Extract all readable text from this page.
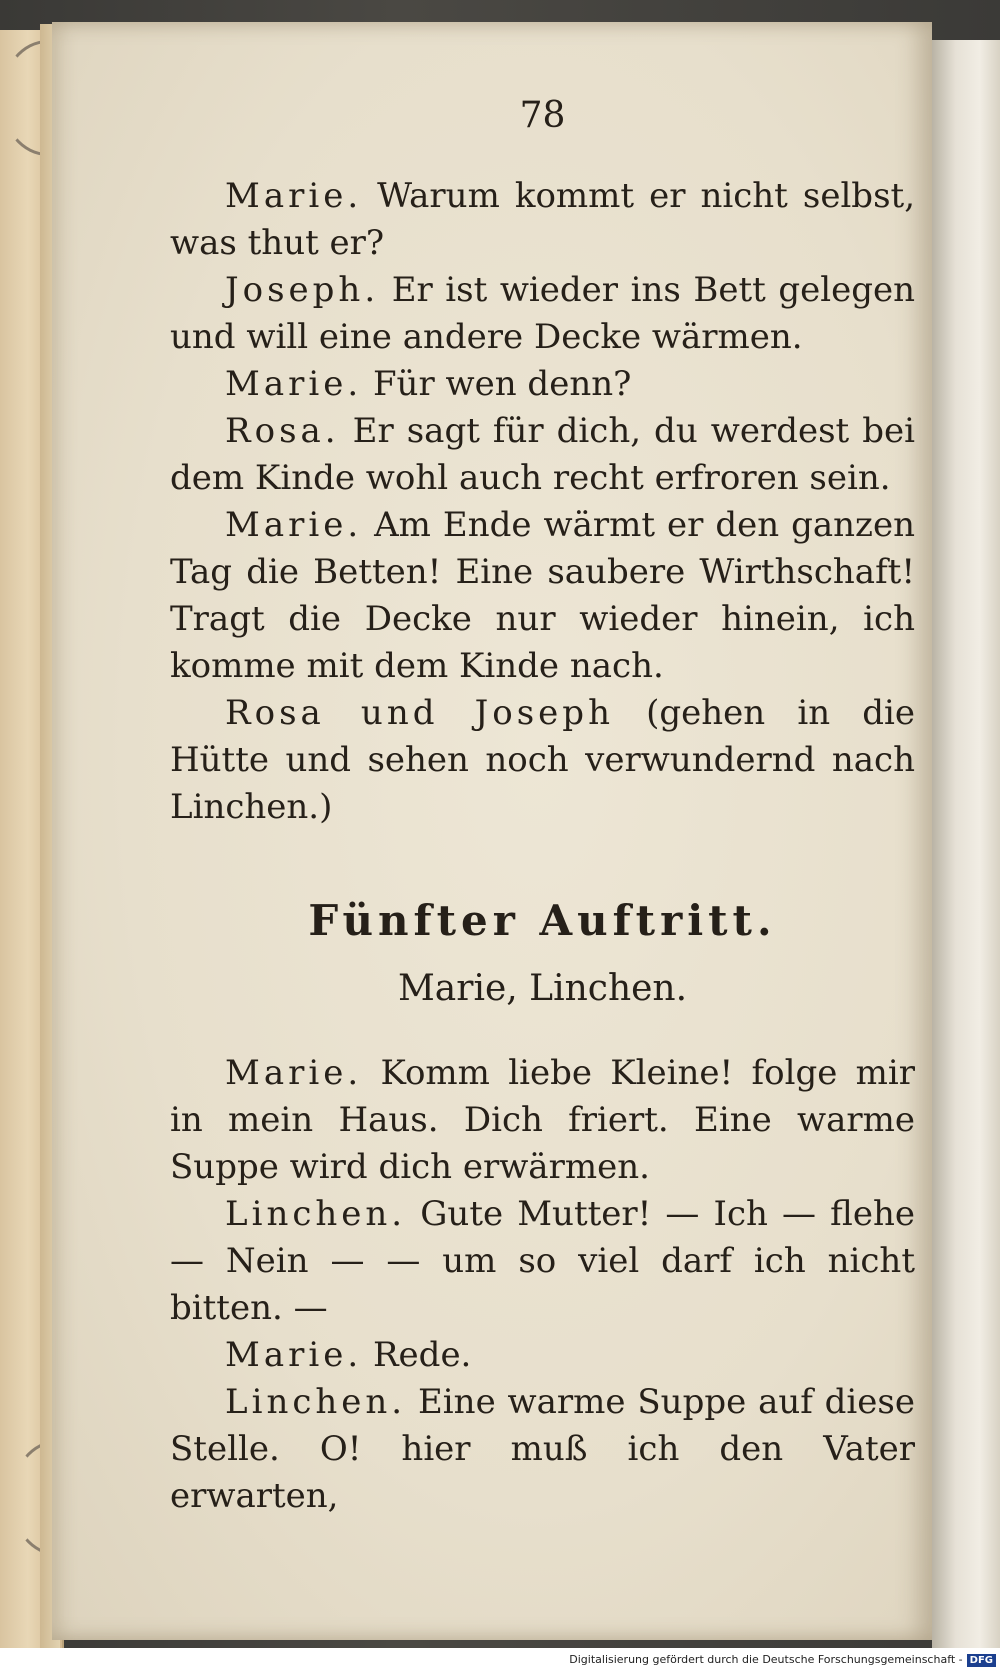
78

Marie. Warum kommt er nicht selbst, was thut er?

Joseph. Er ist wieder ins Bett gelegen und will eine andere Decke wärmen.

Marie. Für wen denn?

Rosa. Er sagt für dich, du werdest bei dem Kinde wohl auch recht erfroren sein.

Marie. Am Ende wärmt er den ganzen Tag die Betten! Eine saubere Wirthschaft! Tragt die Decke nur wieder hinein, ich komme mit dem Kinde nach.

Rosa und Joseph (gehen in die Hütte und sehen noch verwundernd nach Linchen.)

Fünfter Auftritt.
Marie, Linchen.

Marie. Komm liebe Kleine! folge mir in mein Haus. Dich friert. Eine warme Suppe wird dich erwärmen.

Linchen. Gute Mutter! — Ich — flehe — Nein — — um so viel darf ich nicht bitten. —

Marie. Rede.

Linchen. Eine warme Suppe auf diese Stelle. O! hier muß ich den Vater erwarten,

Digitalisierung gefördert durch die Deutsche Forschungsgemeinschaft - DFG
